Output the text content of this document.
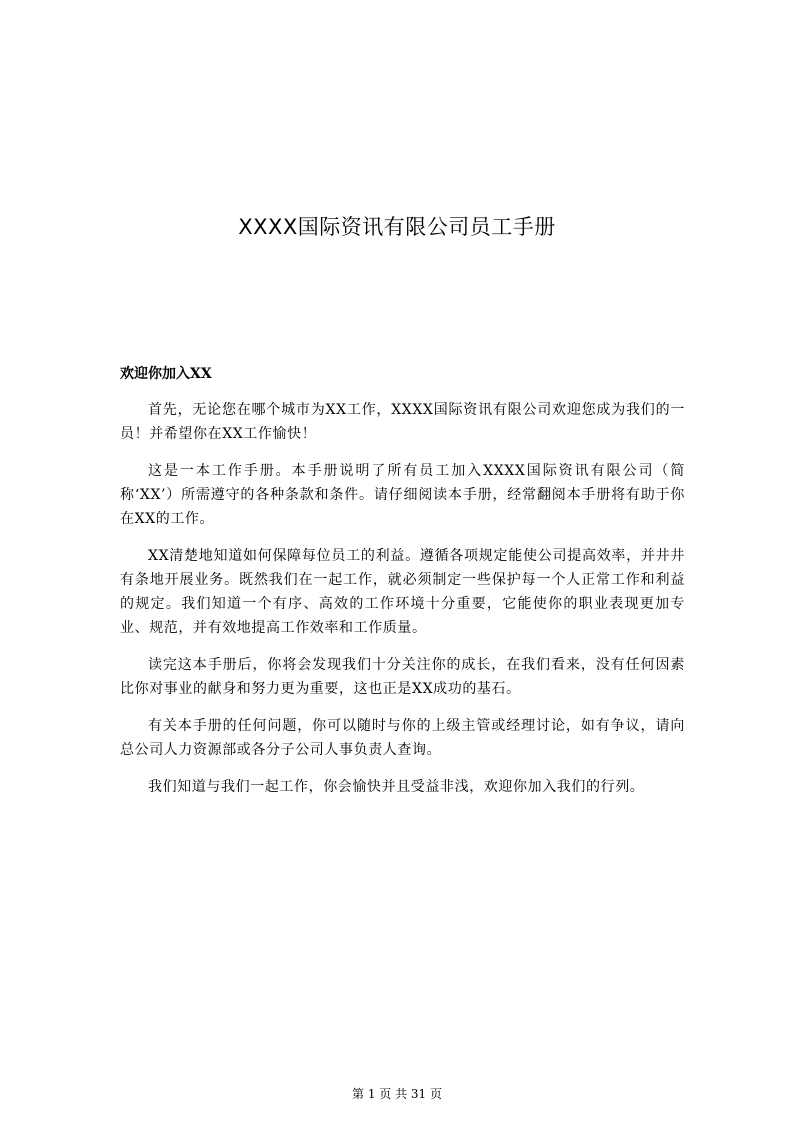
XXXX国际资讯有限公司员工手册
欢迎你加入XX

首先，无论您在哪个城市为XX工作，XXXX国际资讯有限公司欢迎您成为我们的一员！并希望你在XX工作愉快！

这是一本工作手册。本手册说明了所有员工加入XXXX国际资讯有限公司（简称‘XX’）所需遵守的各种条款和条件。请仔细阅读本手册，经常翻阅本手册将有助于你在XX的工作。

XX清楚地知道如何保障每位员工的利益。遵循各项规定能使公司提高效率，并井井有条地开展业务。既然我们在一起工作，就必须制定一些保护每一个人正常工作和利益的规定。我们知道一个有序、高效的工作环境十分重要，它能使你的职业表现更加专业、规范，并有效地提高工作效率和工作质量。

读完这本手册后，你将会发现我们十分关注你的成长，在我们看来，没有任何因素比你对事业的献身和努力更为重要，这也正是XX成功的基石。

有关本手册的任何问题，你可以随时与你的上级主管或经理讨论，如有争议，请向总公司人力资源部或各分子公司人事负责人查询。

我们知道与我们一起工作，你会愉快并且受益非浅，欢迎你加入我们的行列。

第 1 页 共 31 页
